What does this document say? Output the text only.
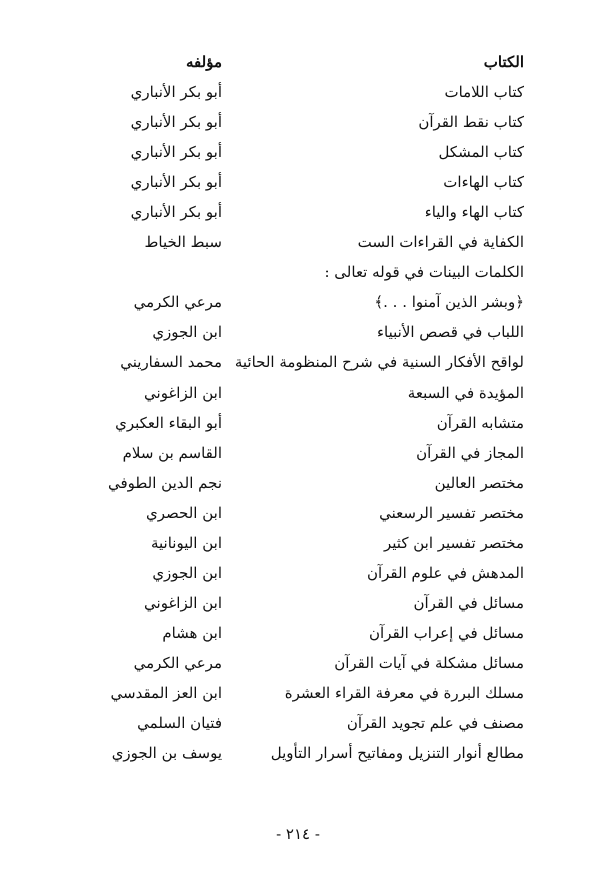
الكتاب
مؤلفه
كتاب اللامات
أبو بكر الأنباري
كتاب نقط القرآن
أبو بكر الأنباري
كتاب المشكل
أبو بكر الأنباري
كتاب الهاءات
أبو بكر الأنباري
كتاب الهاء والياء
أبو بكر الأنباري
الكفاية في القراءات الست
سبط الخياط
الكلمات البينات في قوله تعالى :
﴿وبشر الذين آمنوا . . .﴾
مرعي الكرمي
اللباب في قصص الأنبياء
ابن الجوزي
لواقح الأفكار السنية في شرح المنظومة الحائية
محمد السفاريني
المؤيدة في السبعة
ابن الزاغوني
متشابه القرآن
أبو البقاء العكبري
المجاز في القرآن
القاسم بن سلام
مختصر العالين
نجم الدين الطوفي
مختصر تفسير الرسعني
ابن الحصري
مختصر تفسير ابن كثير
ابن اليونانية
المدهش في علوم القرآن
ابن الجوزي
مسائل في القرآن
ابن الزاغوني
مسائل في إعراب القرآن
ابن هشام
مسائل مشكلة في آيات القرآن
مرعي الكرمي
مسلك البررة في معرفة القراء العشرة
ابن العز المقدسي
مصنف في علم تجويد القرآن
فتيان السلمي
مطالع أنوار التنزيل ومفاتيح أسرار التأويل
يوسف بن الجوزي
- ٢١٤ -
